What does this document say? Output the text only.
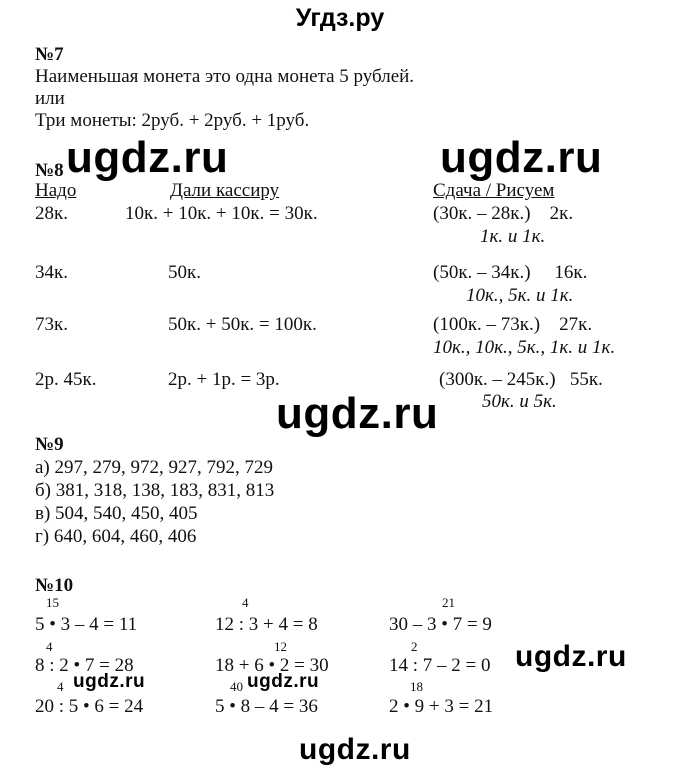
Угдз.ру
№7
Наименьшая монета это одна монета 5 рублей.
или
Три монеты: 2руб. + 2руб. + 1руб.
№8
Надо	Дали кассиру	Сдача / Рисуем
28к.	10к. + 10к. + 10к. = 30к.	(30к. – 28к.)    2к.
1к. и 1к.
34к.	50к.	(50к. – 34к.)     16к.
10к., 5к. и 1к.
73к.	50к. + 50к. = 100к.	(100к. – 73к.)    27к.
10к., 10к., 5к., 1к. и 1к.
2р. 45к.	2р. + 1р. = 3р.	(300к. – 245к.)   55к.
50к. и 5к.
№9
а) 297, 279, 972, 927, 792, 729
б) 381, 318, 138, 183, 831, 813
в) 504, 540, 450, 405
г) 640, 604, 460, 406
№10
15
5 • 3 – 4 = 11
4
12 : 3 + 4 = 8
21
30 – 3 • 7 = 9
4
8 : 2 • 7 = 28
12
18 + 6 • 2 = 30
2
14 : 7 – 2 = 0
4
20 : 5 • 6 = 24
40
5 • 8 – 4 = 36
18
2 • 9 + 3 = 21
ugdz.ru	ugdz.ru
ugdz.ru
ugdz.ru
ugdz.ru	ugdz.ru
ugdz.ru
